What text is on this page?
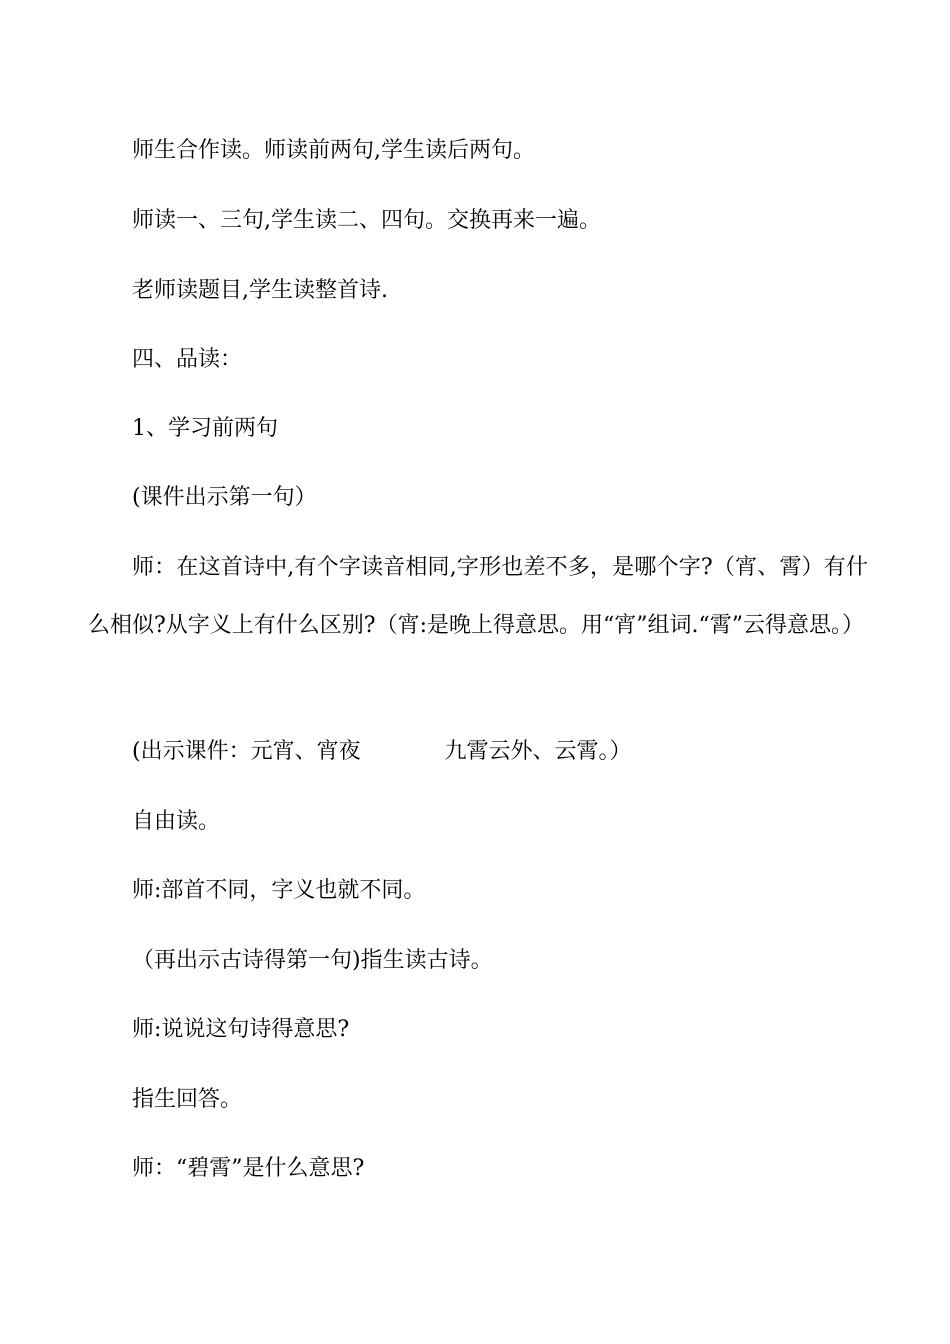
师生合作读。师读前两句,学生读后两句。
师读一、三句,学生读二、四句。交换再来一遍。
老师读题目,学生读整首诗.
四、品读：
1、学习前两句
(课件出示第一句）
师：在这首诗中,有个字读音相同,字形也差不多，是哪个字?（宵、霄）有什么相似?从字义上有什么区别?（宵:是晚上得意思。用“宵”组词.“霄”云得意思。）
(出示课件：元宵、宵夜            九霄云外、云霄。）
自由读。
师:部首不同，字义也就不同。
（再出示古诗得第一句)指生读古诗。
师:说说这句诗得意思?
指生回答。
师：“碧霄”是什么意思?
